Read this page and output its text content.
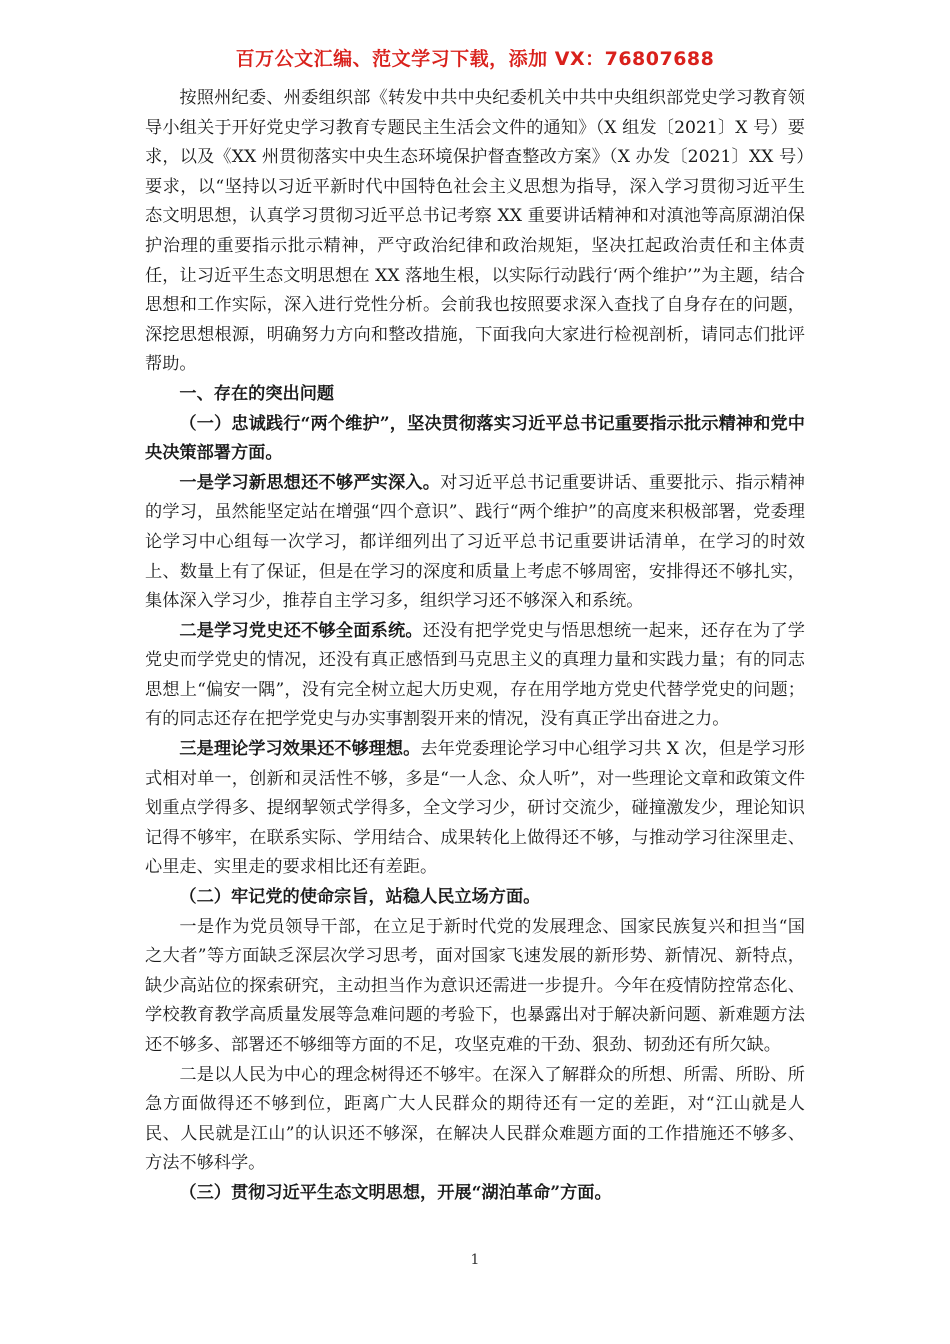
百万公文汇编、范文学习下载，添加 VX：76807688

按照州纪委、州委组织部《转发中共中央纪委机关中共中央组织部党史学习教育领导小组关于开好党史学习教育专题民主生活会文件的通知》（X 组发〔2021〕X 号）要求，以及《XX 州贯彻落实中央生态环境保护督查整改方案》（X 办发〔2021〕XX 号）要求，以“坚持以习近平新时代中国特色社会主义思想为指导，深入学习贯彻习近平生态文明思想，认真学习贯彻习近平总书记考察 XX 重要讲话精神和对滇池等高原湖泊保护治理的重要指示批示精神，严守政治纪律和政治规矩，坚决扛起政治责任和主体责任，让习近平生态文明思想在 XX 落地生根，以实际行动践行‘两个维护’”为主题，结合思想和工作实际，深入进行党性分析。会前我也按照要求深入查找了自身存在的问题，深挖思想根源，明确努力方向和整改措施，下面我向大家进行检视剖析，请同志们批评帮助。

一、存在的突出问题

（一）忠诚践行“两个维护”，坚决贯彻落实习近平总书记重要指示批示精神和党中央决策部署方面。

一是学习新思想还不够严实深入。对习近平总书记重要讲话、重要批示、指示精神的学习，虽然能坚定站在增强“四个意识”、践行“两个维护”的高度来积极部署，党委理论学习中心组每一次学习，都详细列出了习近平总书记重要讲话清单，在学习的时效上、数量上有了保证，但是在学习的深度和质量上考虑不够周密，安排得还不够扎实，集体深入学习少，推荐自主学习多，组织学习还不够深入和系统。

二是学习党史还不够全面系统。还没有把学党史与悟思想统一起来，还存在为了学党史而学党史的情况，还没有真正感悟到马克思主义的真理力量和实践力量；有的同志思想上“偏安一隅”，没有完全树立起大历史观，存在用学地方党史代替学党史的问题；有的同志还存在把学党史与办实事割裂开来的情况，没有真正学出奋进之力。

三是理论学习效果还不够理想。去年党委理论学习中心组学习共 X 次，但是学习形式相对单一，创新和灵活性不够，多是“一人念、众人听”，对一些理论文章和政策文件划重点学得多、提纲挈领式学得多，全文学习少，研讨交流少，碰撞激发少，理论知识记得不够牢，在联系实际、学用结合、成果转化上做得还不够，与推动学习往深里走、心里走、实里走的要求相比还有差距。

（二）牢记党的使命宗旨，站稳人民立场方面。

一是作为党员领导干部，在立足于新时代党的发展理念、国家民族复兴和担当“国之大者”等方面缺乏深层次学习思考，面对国家飞速发展的新形势、新情况、新特点，缺少高站位的探索研究，主动担当作为意识还需进一步提升。今年在疫情防控常态化、学校教育教学高质量发展等急难问题的考验下，也暴露出对于解决新问题、新难题方法还不够多、部署还不够细等方面的不足，攻坚克难的干劲、狠劲、韧劲还有所欠缺。

二是以人民为中心的理念树得还不够牢。在深入了解群众的所想、所需、所盼、所急方面做得还不够到位，距离广大人民群众的期待还有一定的差距，对“江山就是人民、人民就是江山”的认识还不够深，在解决人民群众难题方面的工作措施还不够多、方法不够科学。

（三）贯彻习近平生态文明思想，开展“湖泊革命”方面。

1
